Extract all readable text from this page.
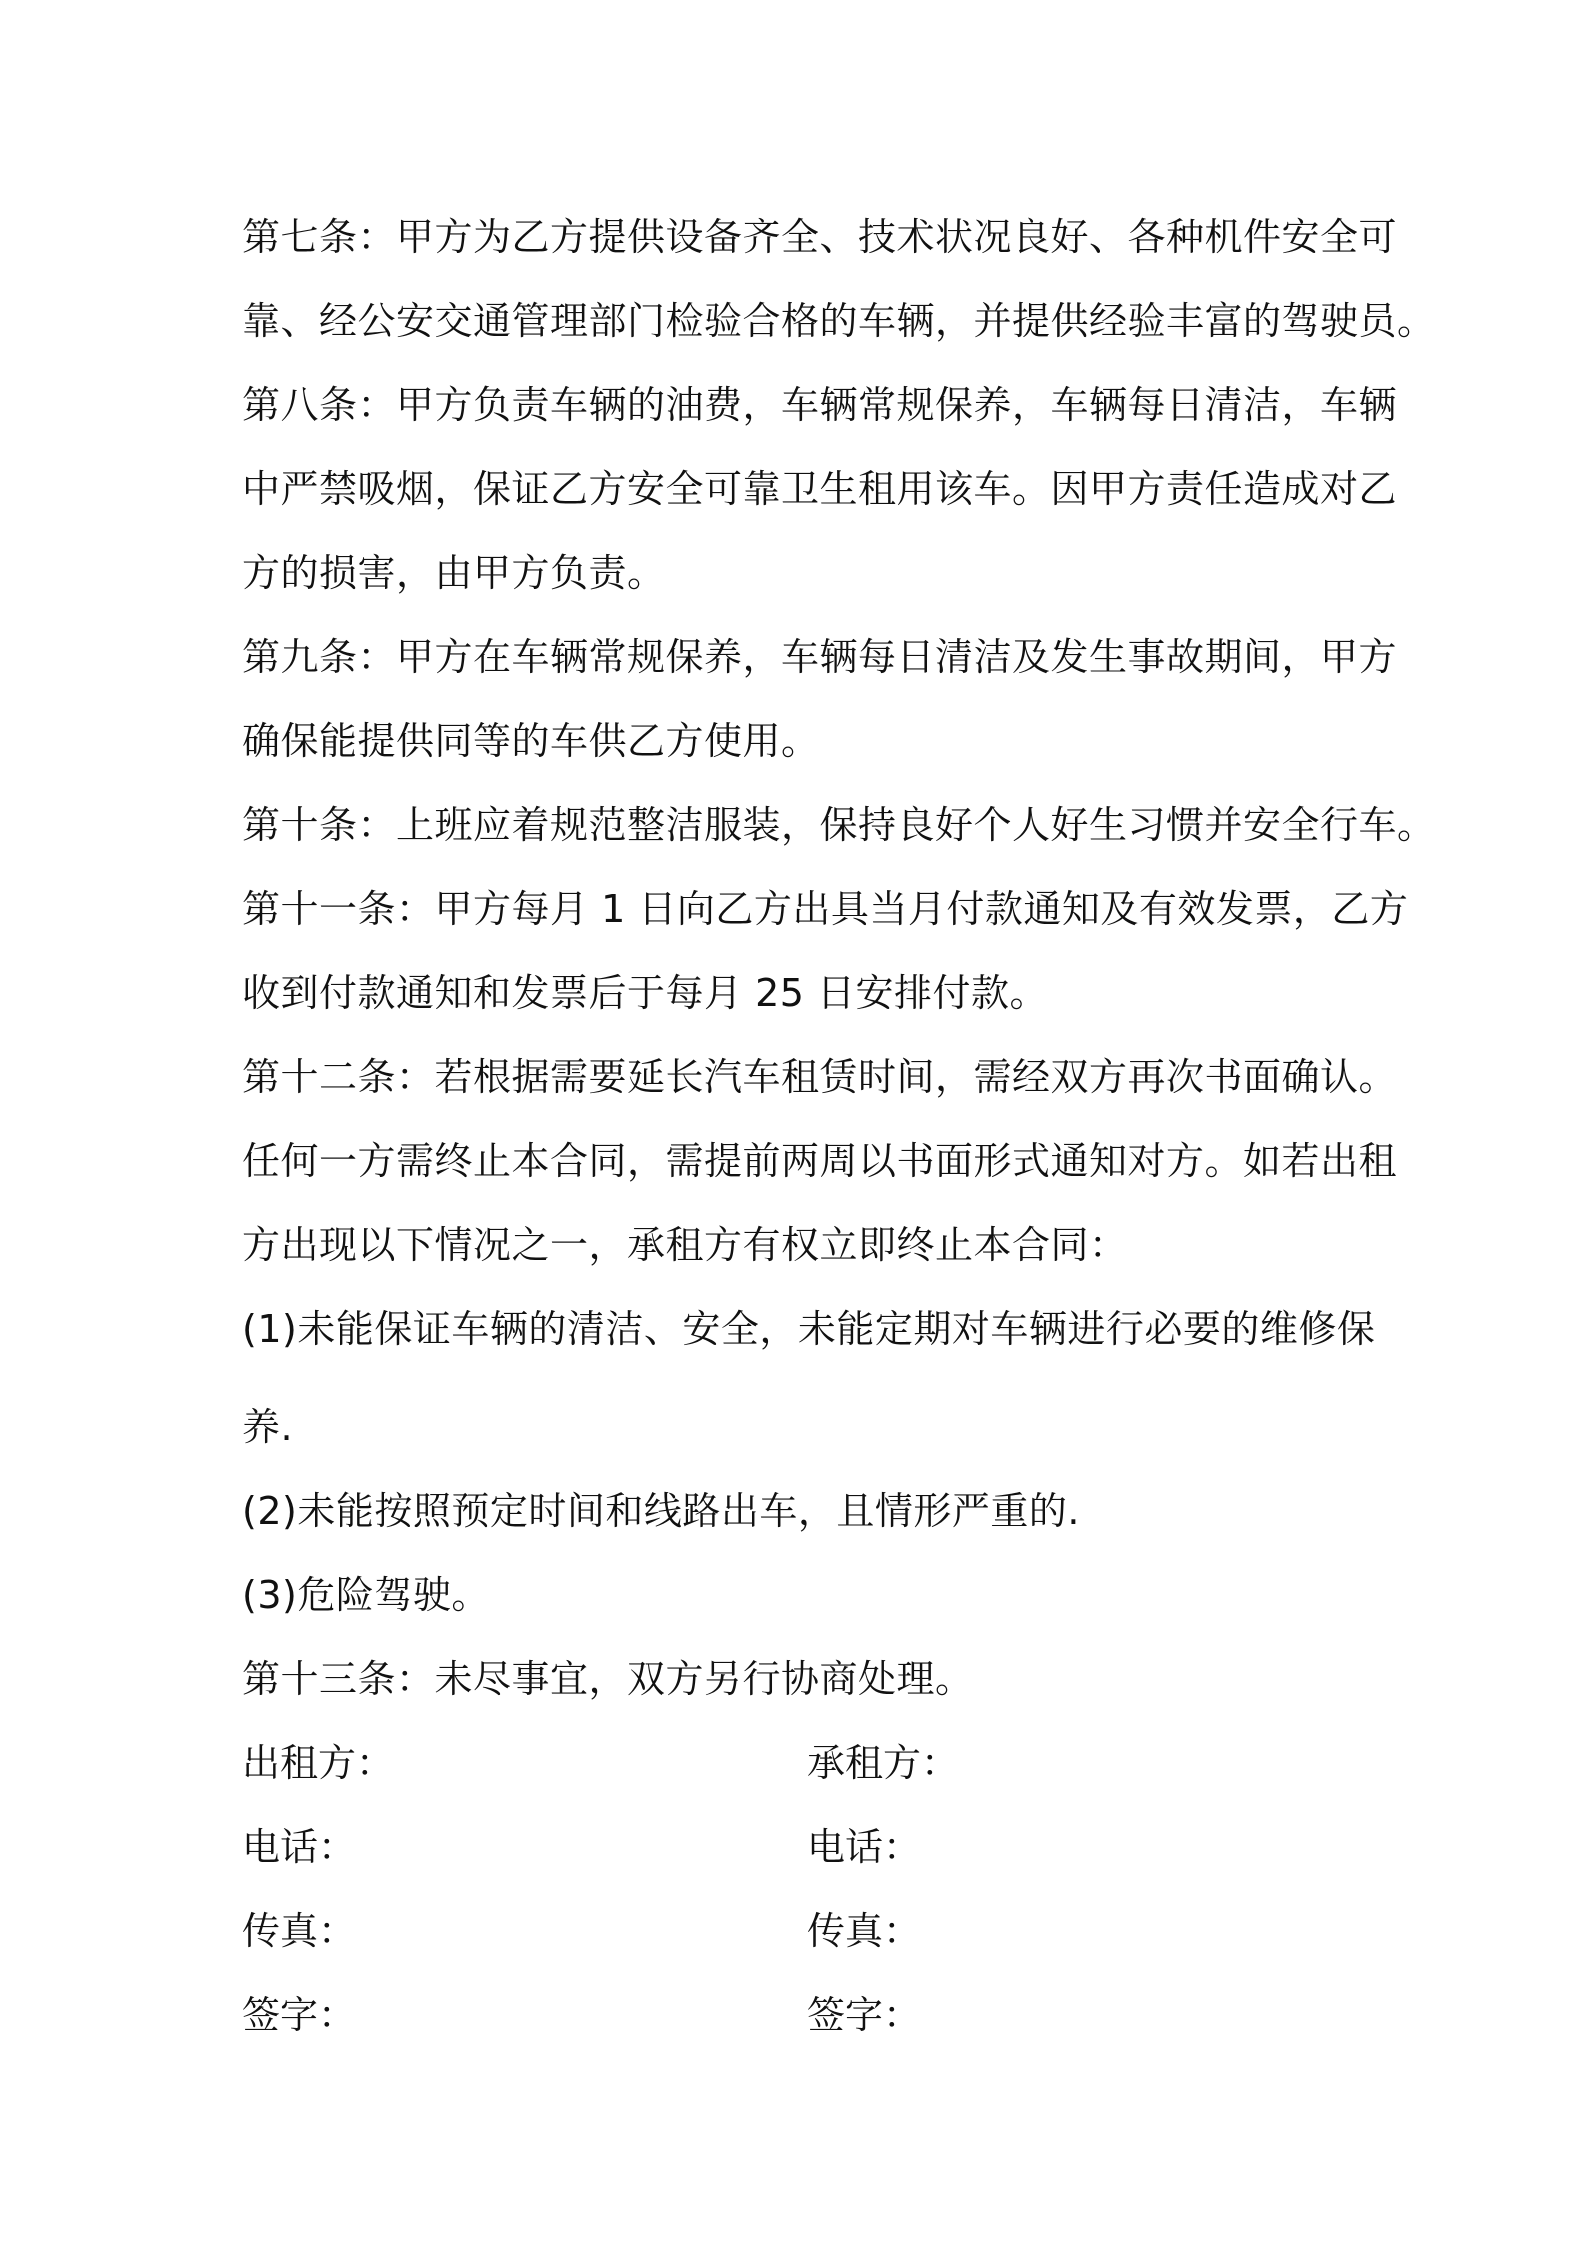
第七条：甲方为乙方提供设备齐全、技术状况良好、各种机件安全可
靠、经公安交通管理部门检验合格的车辆，并提供经验丰富的驾驶员。
第八条：甲方负责车辆的油费，车辆常规保养，车辆每日清洁，车辆
中严禁吸烟，保证乙方安全可靠卫生租用该车。因甲方责任造成对乙
方的损害，由甲方负责。
第九条：甲方在车辆常规保养，车辆每日清洁及发生事故期间，甲方
确保能提供同等的车供乙方使用。
第十条：上班应着规范整洁服装，保持良好个人好生习惯并安全行车。
第十一条：甲方每月 1 日向乙方出具当月付款通知及有效发票，乙方
收到付款通知和发票后于每月 25 日安排付款。
第十二条：若根据需要延长汽车租赁时间，需经双方再次书面确认。
任何一方需终止本合同，需提前两周以书面形式通知对方。如若出租
方出现以下情况之一，承租方有权立即终止本合同：
(1)未能保证车辆的清洁、安全，未能定期对车辆进行必要的维修保
养.
(2)未能按照预定时间和线路出车，且情形严重的.
(3)危险驾驶。
第十三条：未尽事宜，双方另行协商处理。
出租方：	承租方：
电话：	电话：
传真：	传真：
签字：	签字：
